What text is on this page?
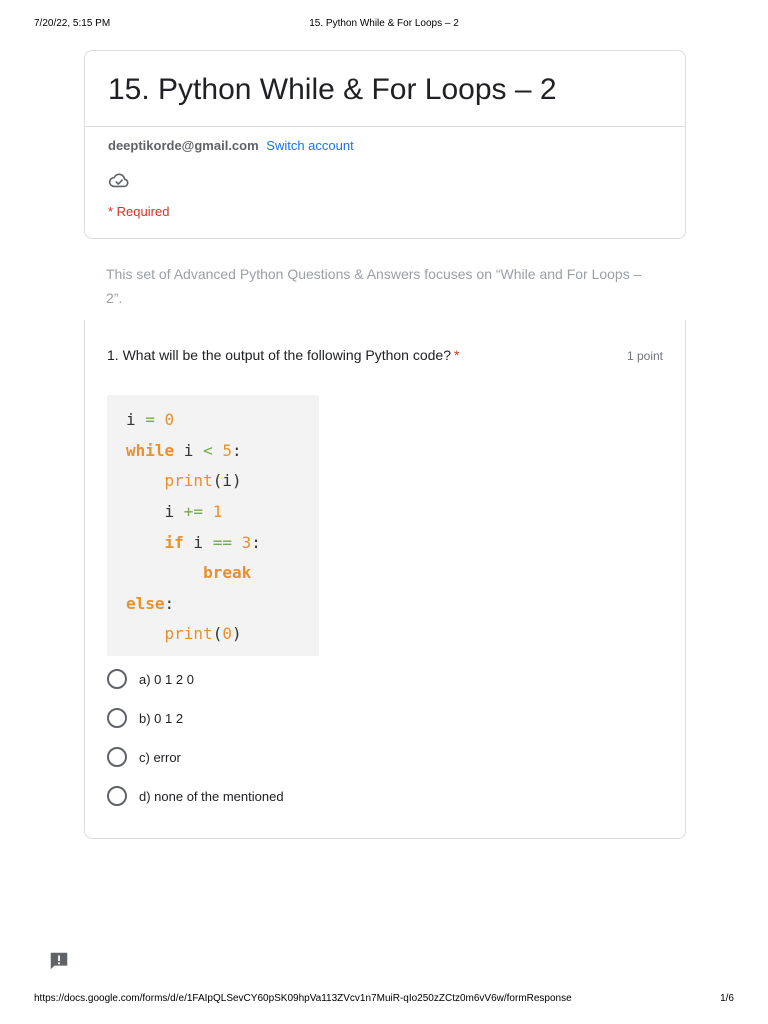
7/20/22, 5:15 PM	15. Python While & For Loops – 2
15. Python While & For Loops – 2
deeptikorde@gmail.com Switch account
* Required
This set of Advanced Python Questions & Answers focuses on “While and For Loops – 2”.
1. What will be the output of the following Python code? *	1 point
i = 0
while i < 5:
print(i)
i += 1
if i == 3:
break
else:
print(0)
a) 0 1 2 0
b) 0 1 2
c) error
d) none of the mentioned
https://docs.google.com/forms/d/e/1FAIpQLSevCY60pSK09hpVa113ZVcv1n7MuiR-qIo250zZCtz0m6vV6w/formResponse	1/6
